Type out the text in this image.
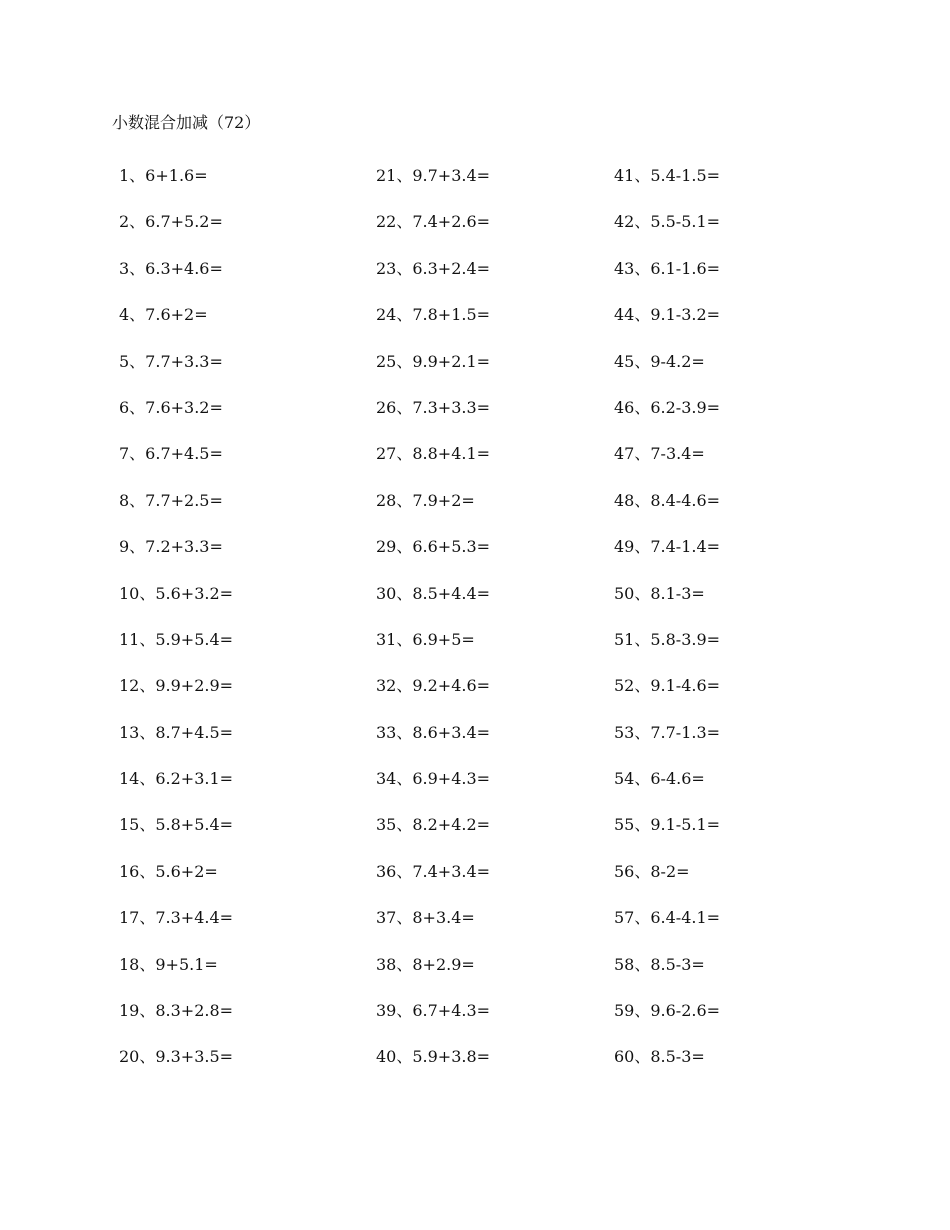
小数混合加减（72）
1、6+1.6=
2、6.7+5.2=
3、6.3+4.6=
4、7.6+2=
5、7.7+3.3=
6、7.6+3.2=
7、6.7+4.5=
8、7.7+2.5=
9、7.2+3.3=
10、5.6+3.2=
11、5.9+5.4=
12、9.9+2.9=
13、8.7+4.5=
14、6.2+3.1=
15、5.8+5.4=
16、5.6+2=
17、7.3+4.4=
18、9+5.1=
19、8.3+2.8=
20、9.3+3.5=
21、9.7+3.4=
22、7.4+2.6=
23、6.3+2.4=
24、7.8+1.5=
25、9.9+2.1=
26、7.3+3.3=
27、8.8+4.1=
28、7.9+2=
29、6.6+5.3=
30、8.5+4.4=
31、6.9+5=
32、9.2+4.6=
33、8.6+3.4=
34、6.9+4.3=
35、8.2+4.2=
36、7.4+3.4=
37、8+3.4=
38、8+2.9=
39、6.7+4.3=
40、5.9+3.8=
41、5.4-1.5=
42、5.5-5.1=
43、6.1-1.6=
44、9.1-3.2=
45、9-4.2=
46、6.2-3.9=
47、7-3.4=
48、8.4-4.6=
49、7.4-1.4=
50、8.1-3=
51、5.8-3.9=
52、9.1-4.6=
53、7.7-1.3=
54、6-4.6=
55、9.1-5.1=
56、8-2=
57、6.4-4.1=
58、8.5-3=
59、9.6-2.6=
60、8.5-3=
